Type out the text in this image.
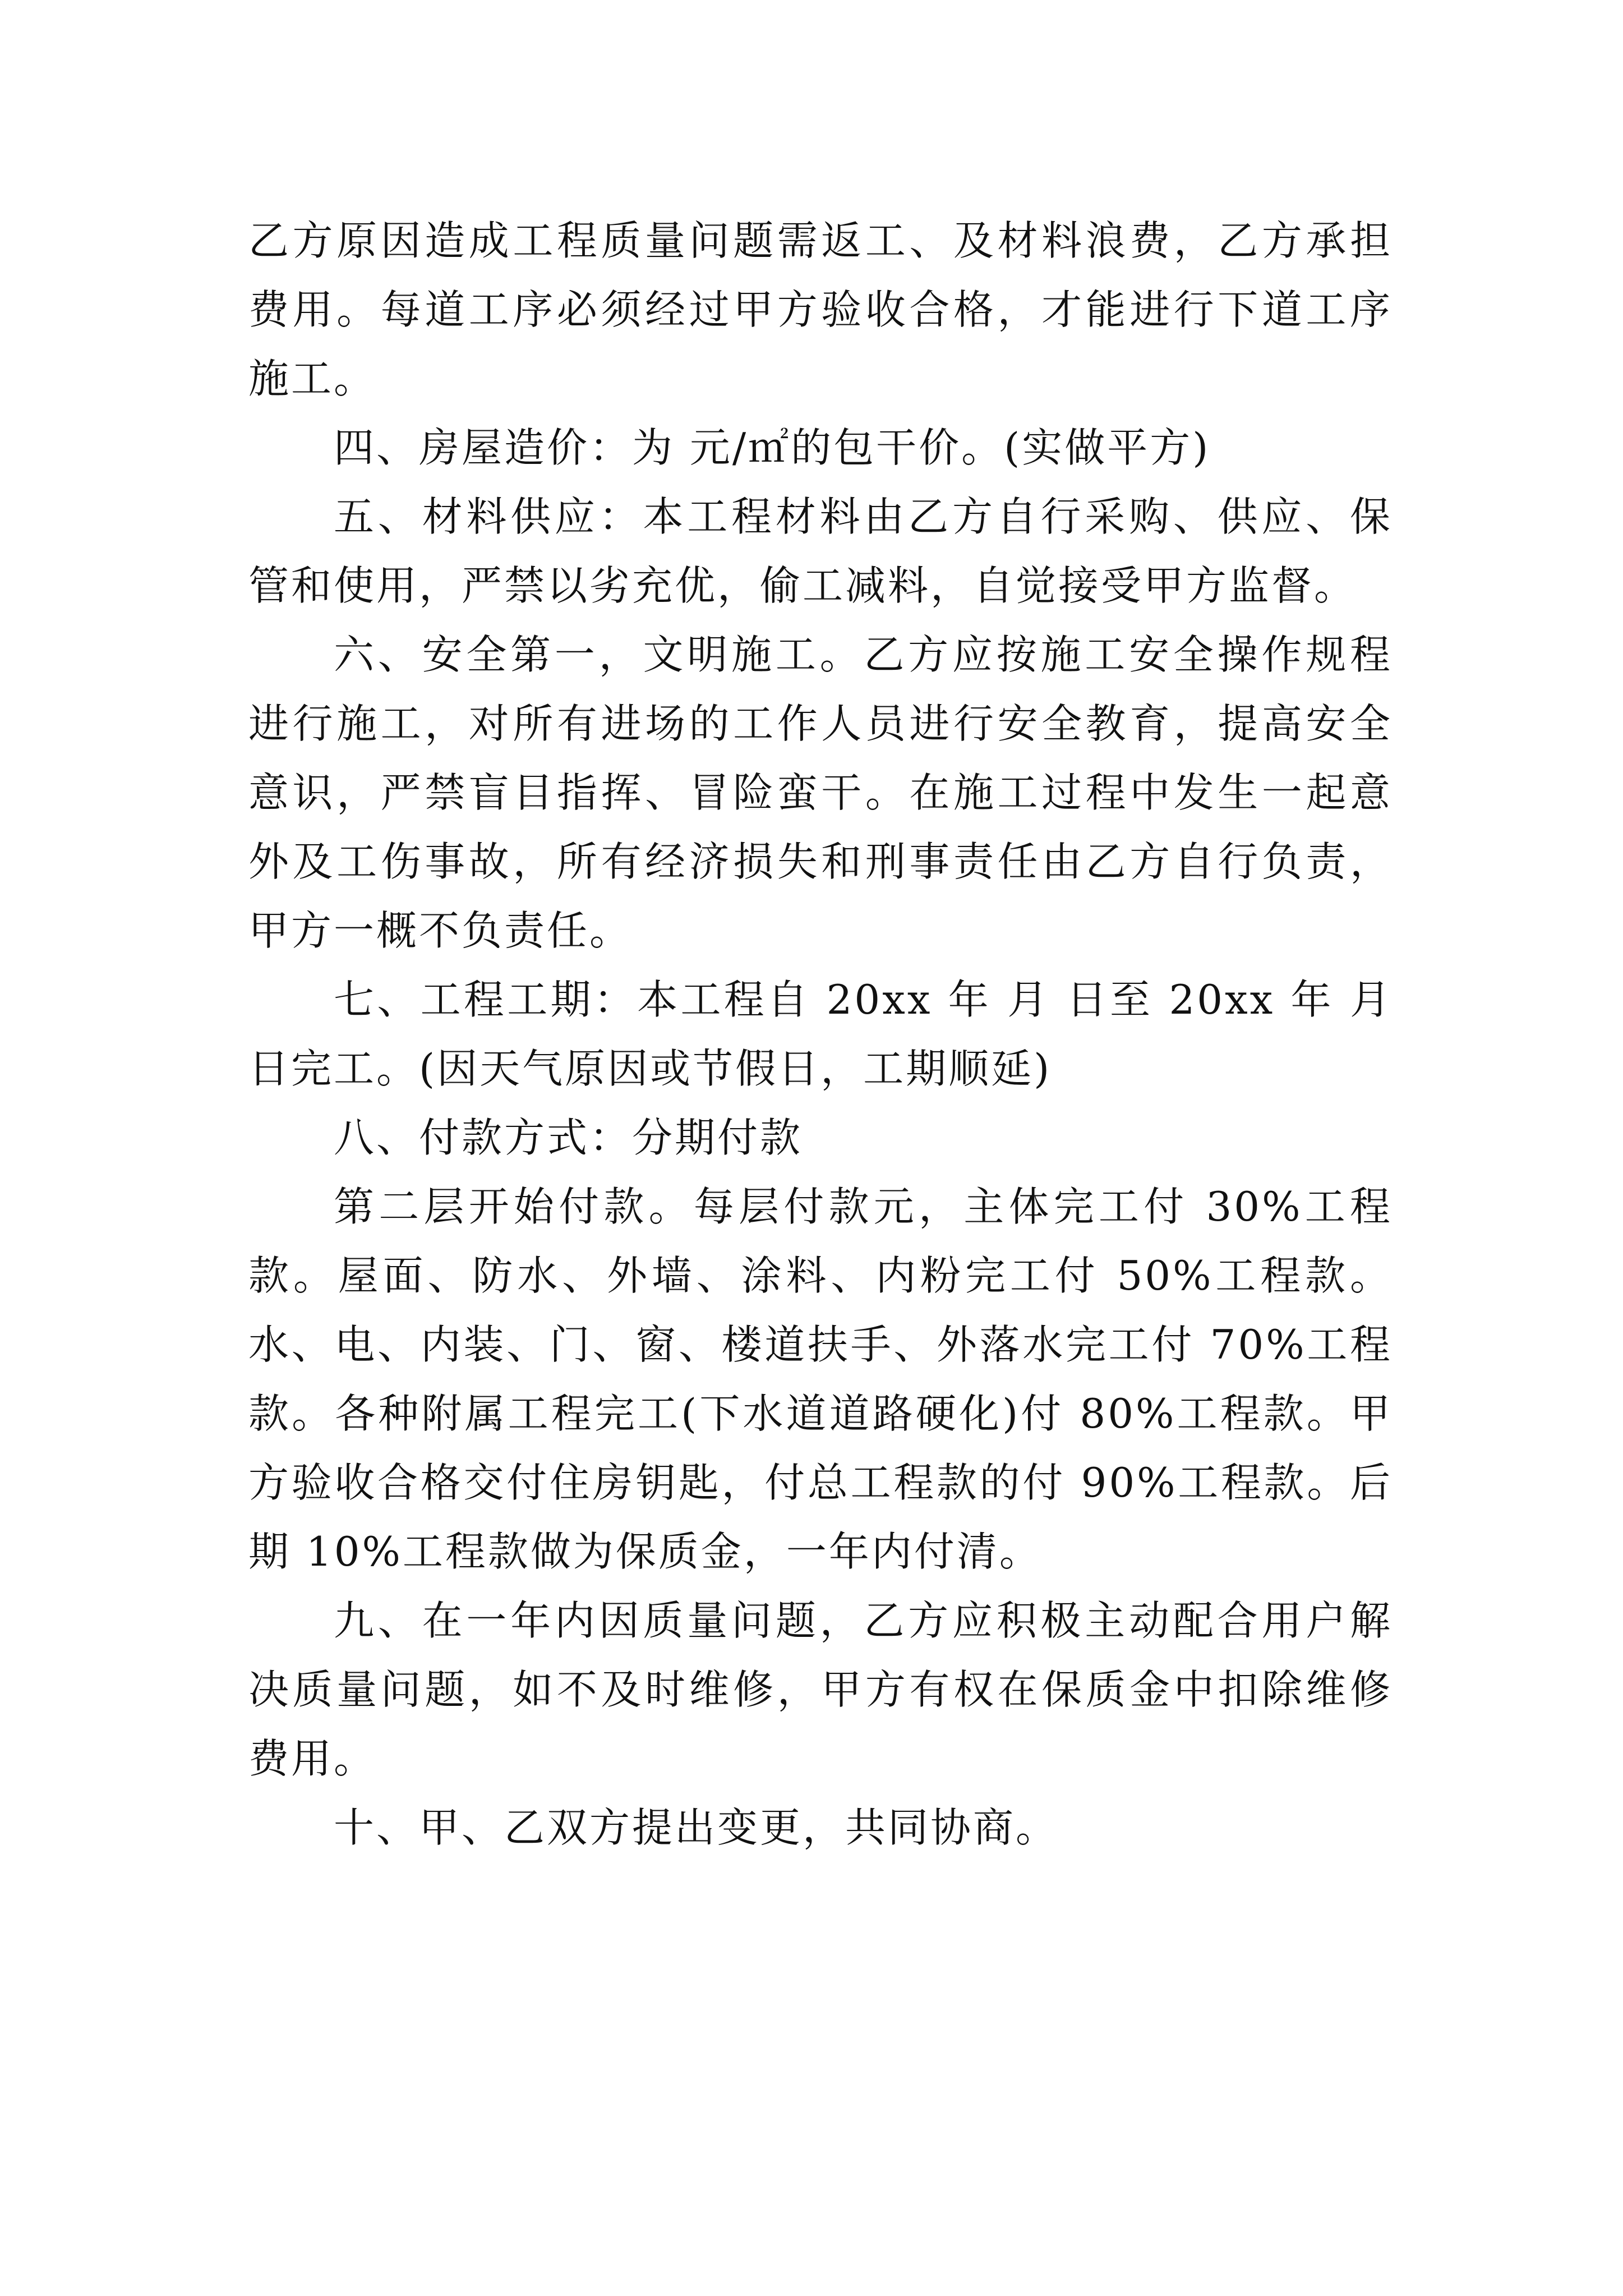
乙方原因造成工程质量问题需返工、及材料浪费，乙方承担费用。每道工序必须经过甲方验收合格，才能进行下道工序施工。

四、房屋造价：为 元/㎡的包干价。(实做平方)

五、材料供应：本工程材料由乙方自行采购、供应、保管和使用，严禁以劣充优，偷工减料，自觉接受甲方监督。

六、安全第一，文明施工。乙方应按施工安全操作规程进行施工，对所有进场的工作人员进行安全教育，提高安全意识，严禁盲目指挥、冒险蛮干。在施工过程中发生一起意外及工伤事故，所有经济损失和刑事责任由乙方自行负责，甲方一概不负责任。

七、工程工期：本工程自 20xx 年 月 日至 20xx 年 月 日完工。(因天气原因或节假日，工期顺延)

八、付款方式：分期付款

第二层开始付款。每层付款元，主体完工付 30%工程款。屋面、防水、外墙、涂料、内粉完工付 50%工程款。水、电、内装、门、窗、楼道扶手、外落水完工付 70%工程款。各种附属工程完工(下水道道路硬化)付 80%工程款。甲方验收合格交付住房钥匙，付总工程款的付 90%工程款。后期 10%工程款做为保质金，一年内付清。

九、在一年内因质量问题，乙方应积极主动配合用户解决质量问题，如不及时维修，甲方有权在保质金中扣除维修费用。

十、甲、乙双方提出变更，共同协商。
